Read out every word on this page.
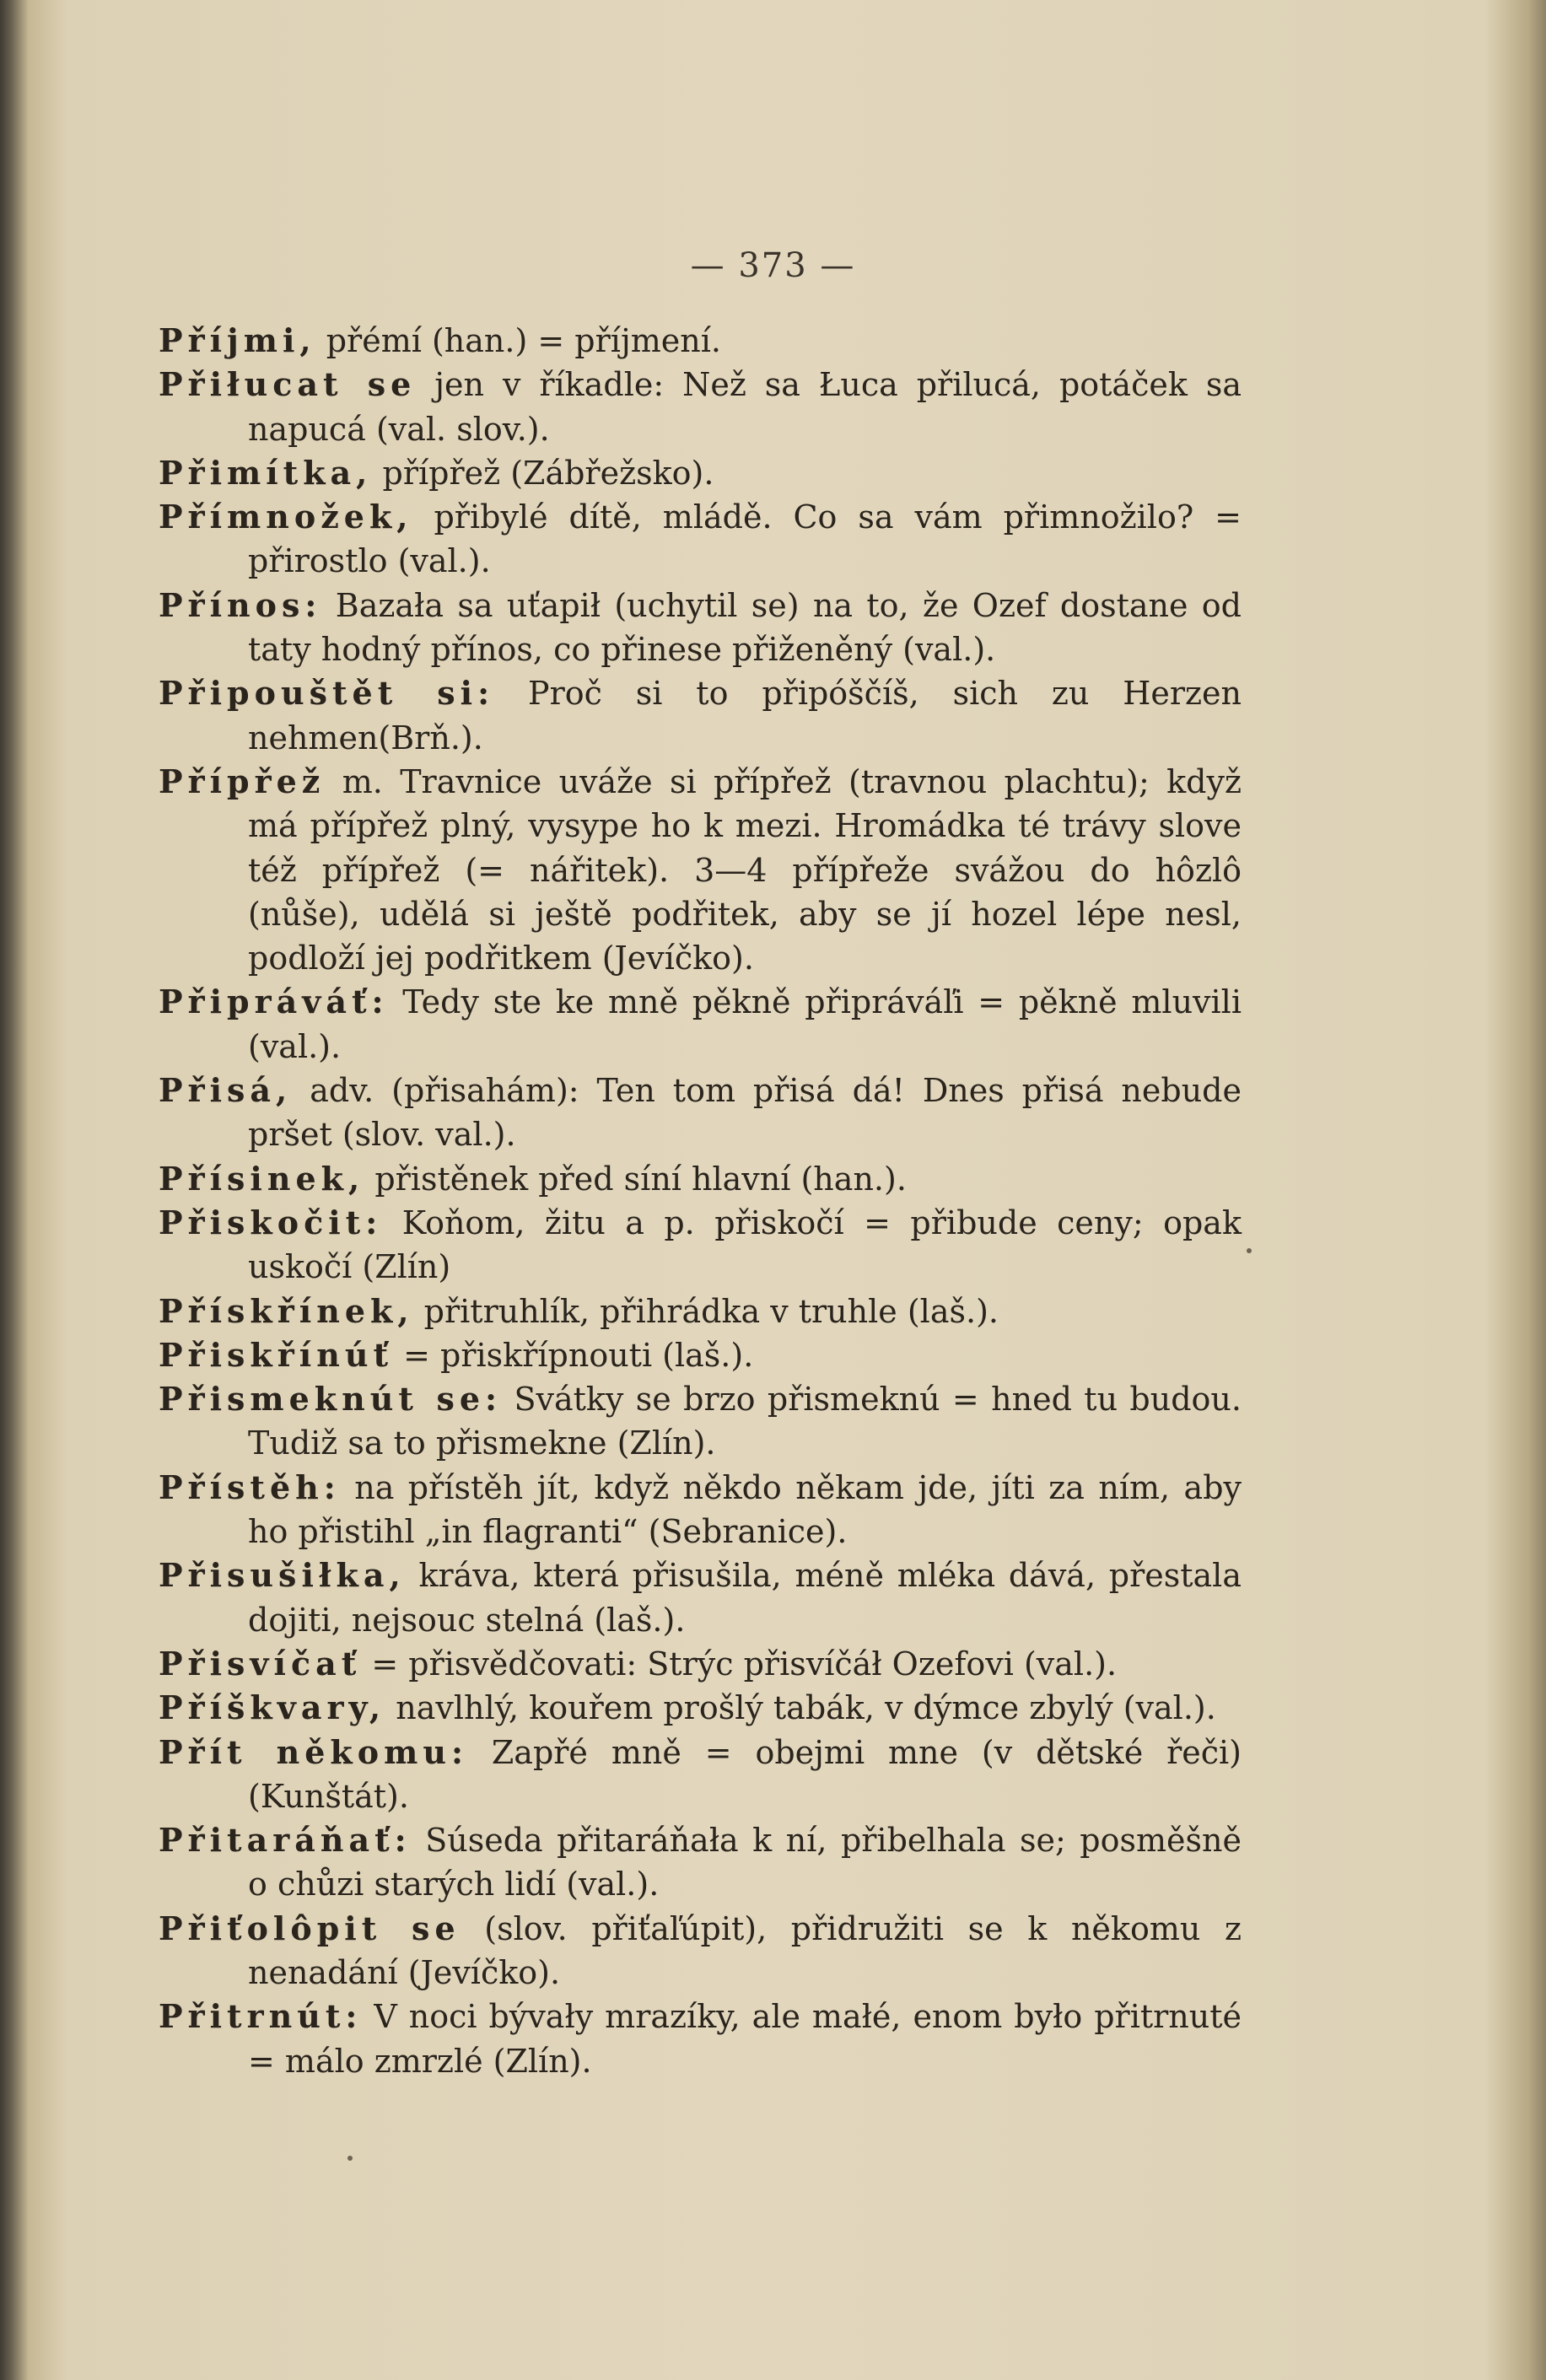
— 373 —

Příjmi, přémí (han.) = příjmení.

Přiłucat se jen v říkadle: Než sa Łuca přilucá, potáček sa napucá (val. slov.).

Přimítka, přípřež (Zábřežsko).

Přímnožek, přibylé dítě, mládě. Co sa vám přimnožilo? = přirostlo (val.).

Přínos: Bazała sa uťapił (uchytil se) na to, že Ozef dostane od taty hodný přínos, co přinese přiženěný (val.).

Připouštět si: Proč si to připóščíš, sich zu Herzen nehmen(Brň.).

Přípřež m. Travnice uváže si přípřež (travnou plachtu); když má přípřež plný, vysype ho k mezi. Hromádka té trávy slove též přípřež (= nářitek). 3—4 přípřeže svážou do hôzlô (nůše), udělá si ještě podřitek, aby se jí hozel lépe nesl, podloží jej podřitkem (Jevíčko).

Připráváť: Tedy ste ke mně pěkně připráváľi = pěkně mluvili (val.).

Přisá, adv. (přisahám): Ten tom přisá dá! Dnes přisá nebude pršet (slov. val.).

Přísinek, přistěnek před síní hlavní (han.).

Přiskočit: Koňom, žitu a p. přiskočí = přibude ceny; opak uskočí (Zlín)

Přískřínek, přitruhlík, přihrádka v truhle (laš.).

Přiskřínúť = přiskřípnouti (laš.).

Přismeknút se: Svátky se brzo přismeknú = hned tu budou. Tudiž sa to přismekne (Zlín).

Přístěh: na přístěh jít, když někdo někam jde, jíti za ním, aby ho přistihl „in flagranti“ (Sebranice).

Přisušiłka, kráva, která přisušila, méně mléka dává, přestala dojiti, nejsouc stelná (laš.).

Přisvíčať = přisvědčovati: Strýc přisvíčáł Ozefovi (val.).

Příškvary, navlhlý, kouřem prošlý tabák, v dýmce zbylý (val.).

Přít někomu: Zapřé mně = obejmi mne (v dětské řeči) (Kunštát).

Přitaráňať: Súseda přitaráňała k ní, přibelhala se; posměšně o chůzi starých lidí (val.).

Přiťolôpit se (slov. přiťaľúpit), přidružiti se k někomu z nenadání (Jevíčko).

Přitrnút: V noci bývały mrazíky, ale małé, enom było přitrnuté = málo zmrzlé (Zlín).
